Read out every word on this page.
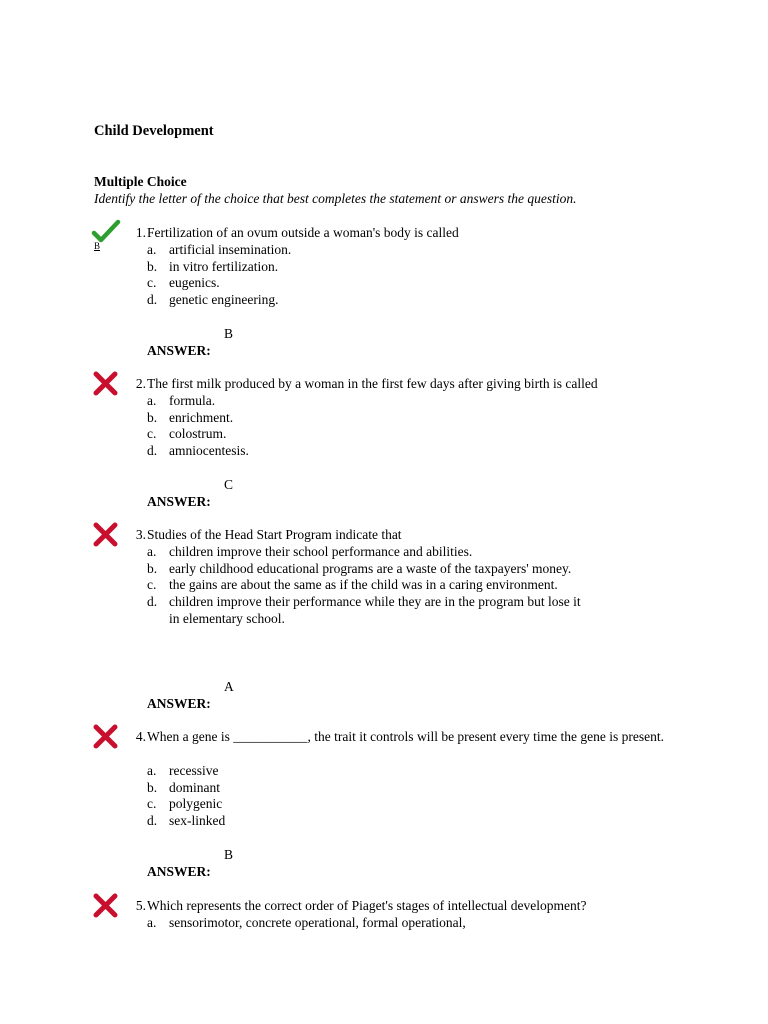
Child Development
Multiple Choice
Identify the letter of the choice that best completes the statement or answers the question.
B
1. Fertilization of an ovum outside a woman's body is called
a. artificial insemination.
b. in vitro fertilization.
c. eugenics.
d. genetic engineering.
B
ANSWER:
2. The first milk produced by a woman in the first few days after giving birth is called
a. formula.
b. enrichment.
c. colostrum.
d. amniocentesis.
C
ANSWER:
3. Studies of the Head Start Program indicate that
a. children improve their school performance and abilities.
b. early childhood educational programs are a waste of the taxpayers' money.
c. the gains are about the same as if the child was in a caring environment.
d. children improve their performance while they are in the program but lose it in elementary school.
A
ANSWER:
4. When a gene is ___________, the trait it controls will be present every time the gene is present.
a. recessive
b. dominant
c. polygenic
d. sex-linked
B
ANSWER:
5. Which represents the correct order of Piaget's stages of intellectual development?
a. sensorimotor, concrete operational, formal operational,
